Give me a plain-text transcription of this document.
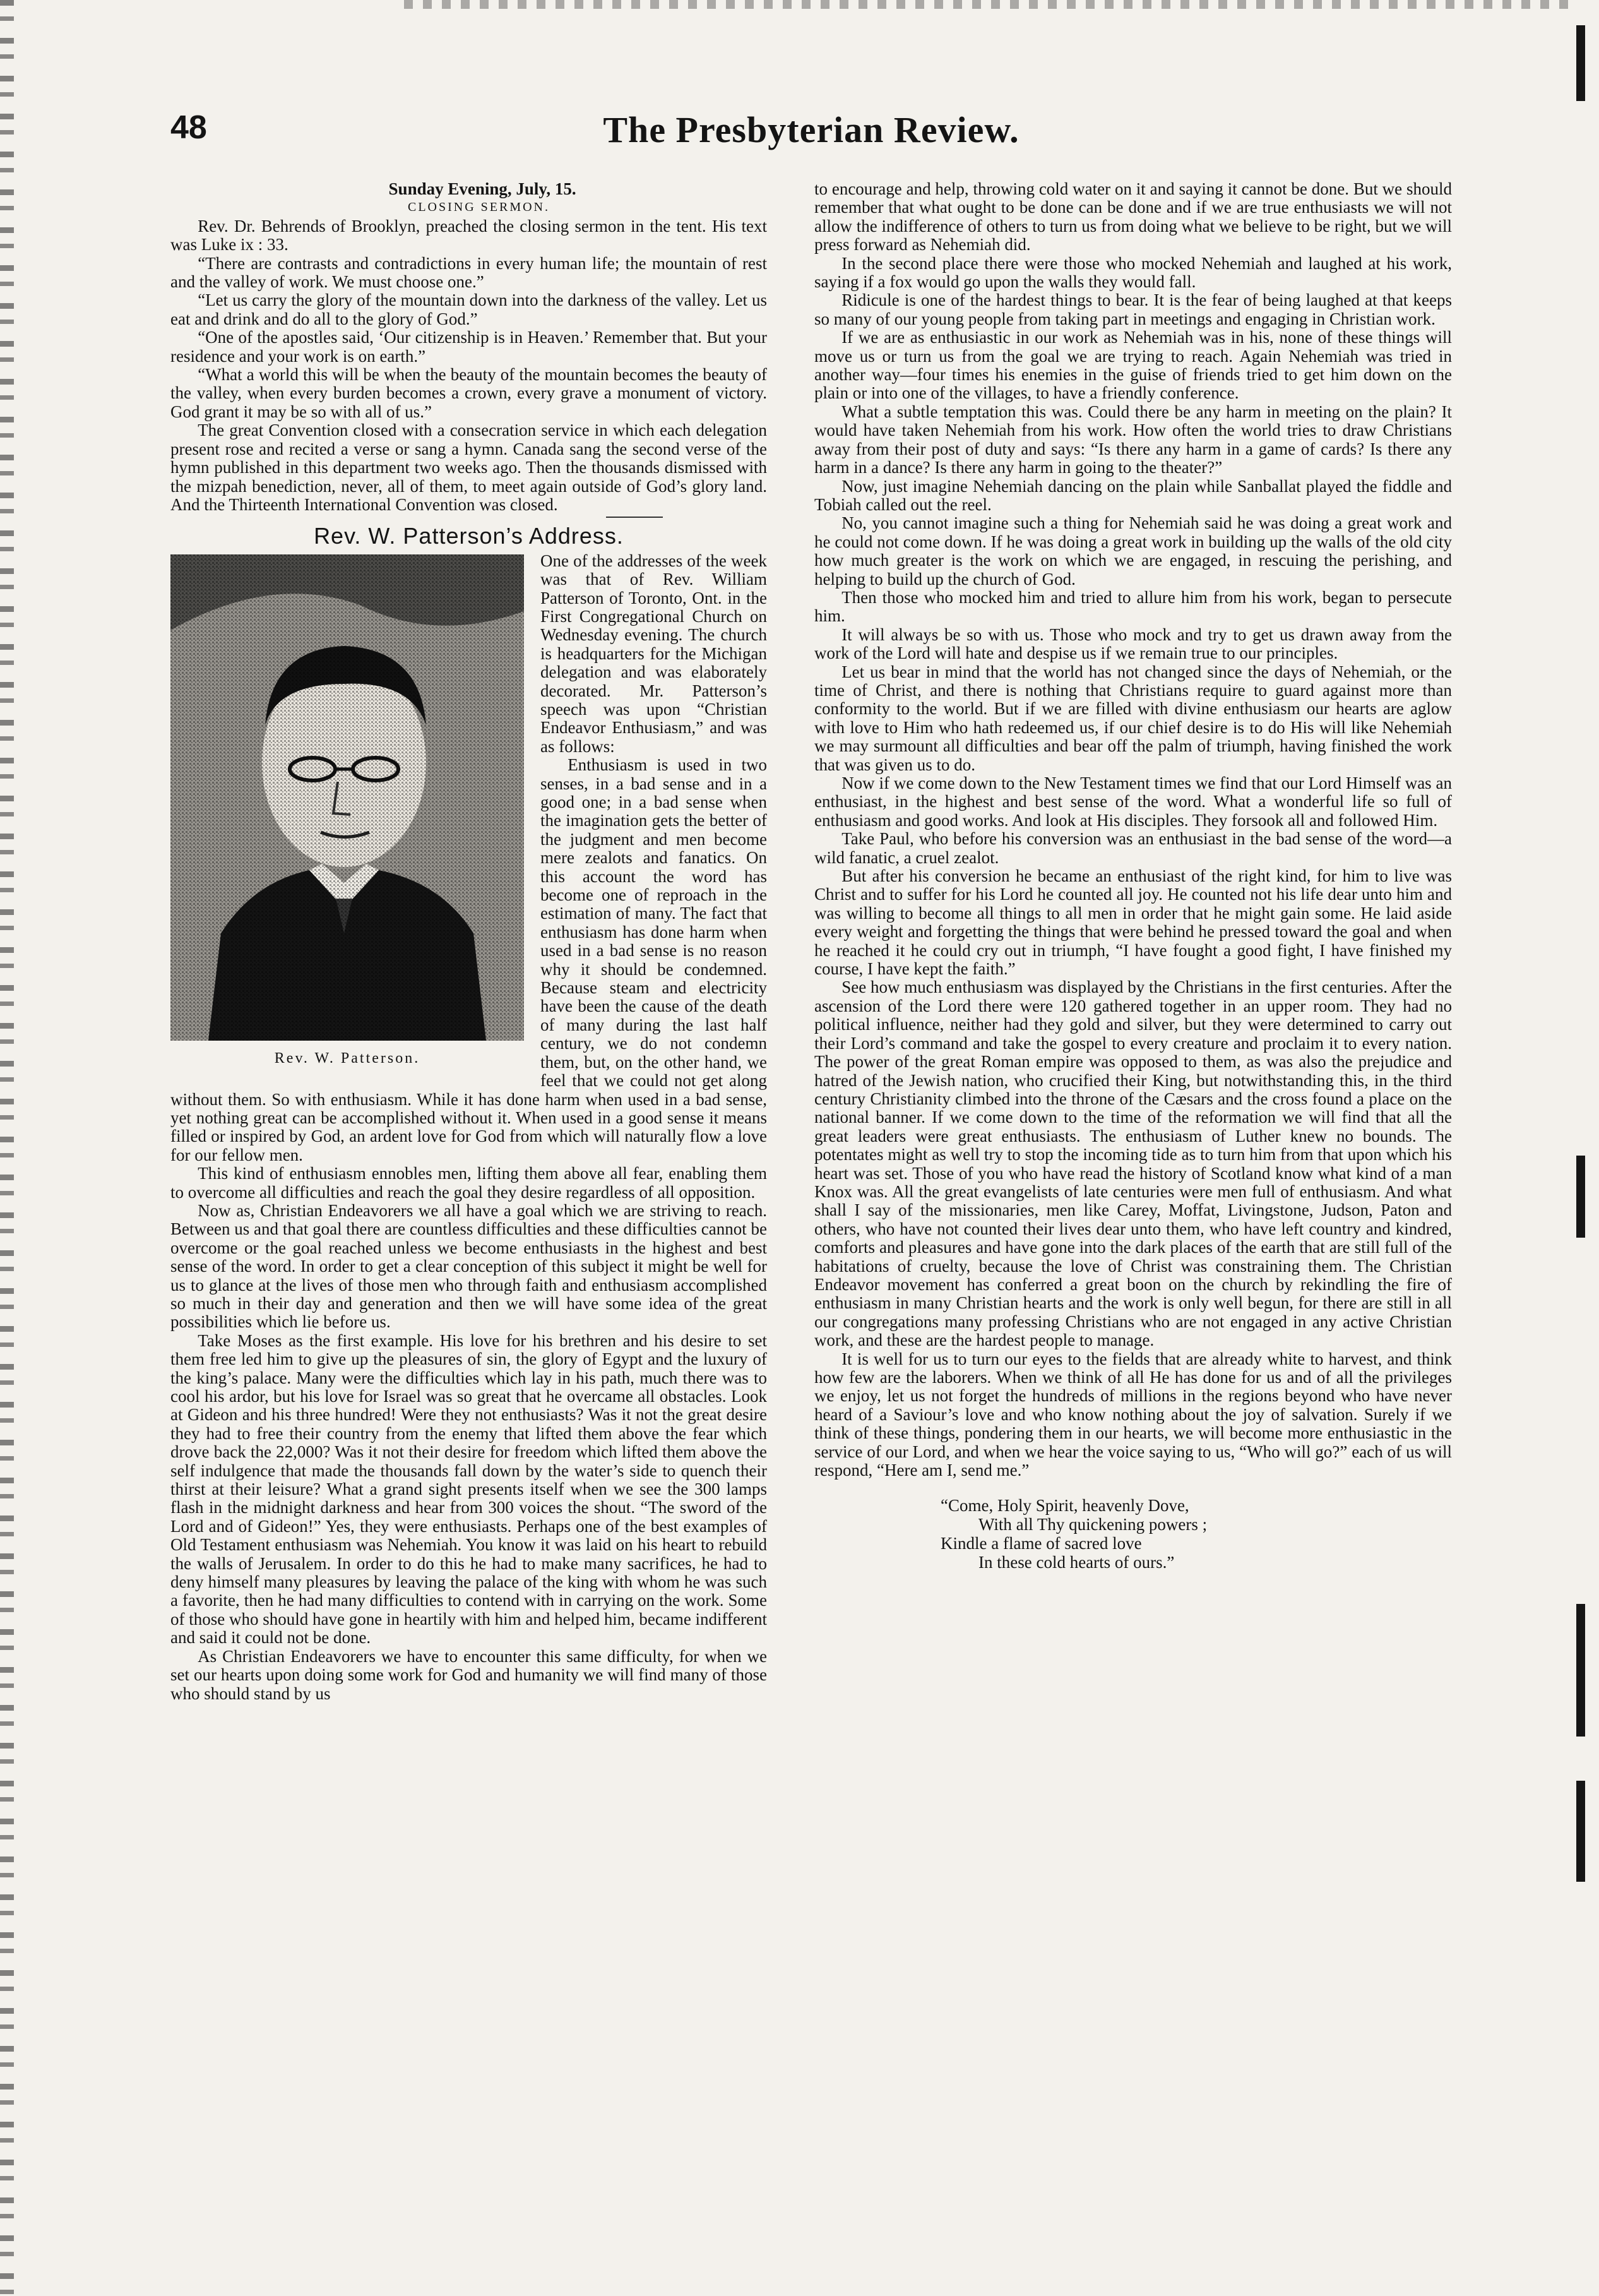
48	The Presbyterian Review.

Sunday Evening, July, 15.

CLOSING SERMON.

Rev. Dr. Behrends of Brooklyn, preached the closing sermon in the tent. His text was Luke ix : 33.

“There are contrasts and contradictions in every human life; the mountain of rest and the valley of work. We must choose one.”

“Let us carry the glory of the mountain down into the darkness of the valley. Let us eat and drink and do all to the glory of God.”

“One of the apostles said, ‘Our citizenship is in Heaven.’ Remember that. But your residence and your work is on earth.”

“What a world this will be when the beauty of the mountain becomes the beauty of the valley, when every burden becomes a crown, every grave a monument of victory. God grant it may be so with all of us.”

The great Convention closed with a consecration service in which each delegation present rose and recited a verse or sang a hymn. Canada sang the second verse of the hymn published in this department two weeks ago. Then the thousands dismissed with the mizpah benediction, never, all of them, to meet again outside of God’s glory land. And the Thirteenth International Convention was closed.

Rev. W. Patterson’s Address.
Rev. W. Patterson.

One of the addresses of the week was that of Rev. William Patterson of Toronto, Ont. in the First Congregational Church on Wednesday evening. The church is headquarters for the Michigan delegation and was elaborately decorated. Mr. Patterson’s speech was upon “Christian Endeavor Enthusiasm,” and was as follows:

Enthusiasm is used in two senses, in a bad sense and in a good one; in a bad sense when the imagination gets the better of the judgment and men become mere zealots and fanatics. On this account the word has become one of reproach in the estimation of many. The fact that enthusiasm has done harm when used in a bad sense is no reason why it should be condemned. Because steam and electricity have been the cause of the death of many during the last half century, we do not condemn them, but, on the other hand, we feel that we could not get along without them. So with enthusiasm. While it has done harm when used in a bad sense, yet nothing great can be accomplished without it. When used in a good sense it means filled or inspired by God, an ardent love for God from which will naturally flow a love for our fellow men.

This kind of enthusiasm ennobles men, lifting them above all fear, enabling them to overcome all difficulties and reach the goal they desire regardless of all opposition.

Now as, Christian Endeavorers we all have a goal which we are striving to reach. Between us and that goal there are countless difficulties and these difficulties cannot be overcome or the goal reached unless we become enthusiasts in the highest and best sense of the word. In order to get a clear conception of this subject it might be well for us to glance at the lives of those men who through faith and enthusiasm accomplished so much in their day and generation and then we will have some idea of the great possibilities which lie before us.

Take Moses as the first example. His love for his brethren and his desire to set them free led him to give up the pleasures of sin, the glory of Egypt and the luxury of the king’s palace. Many were the difficulties which lay in his path, much there was to cool his ardor, but his love for Israel was so great that he overcame all obstacles. Look at Gideon and his three hundred! Were they not enthusiasts? Was it not the great desire they had to free their country from the enemy that lifted them above the fear which drove back the 22,000? Was it not their desire for freedom which lifted them above the self indulgence that made the thousands fall down by the water’s side to quench their thirst at their leisure? What a grand sight presents itself when we see the 300 lamps flash in the midnight darkness and hear from 300 voices the shout. “The sword of the Lord and of Gideon!” Yes, they were enthusiasts. Perhaps one of the best examples of Old Testament enthusiasm was Nehemiah. You know it was laid on his heart to rebuild the walls of Jerusalem. In order to do this he had to make many sacrifices, he had to deny himself many pleasures by leaving the palace of the king with whom he was such a favorite, then he had many difficulties to contend with in carrying on the work. Some of those who should have gone in heartily with him and helped him, became indifferent and said it could not be done.

As Christian Endeavorers we have to encounter this same difficulty, for when we set our hearts upon doing some work for God and humanity we will find many of those who should stand by us

to encourage and help, throwing cold water on it and saying it cannot be done. But we should remember that what ought to be done can be done and if we are true enthusiasts we will not allow the indifference of others to turn us from doing what we believe to be right, but we will press forward as Nehemiah did.

In the second place there were those who mocked Nehemiah and laughed at his work, saying if a fox would go upon the walls they would fall.

Ridicule is one of the hardest things to bear. It is the fear of being laughed at that keeps so many of our young people from taking part in meetings and engaging in Christian work.

If we are as enthusiastic in our work as Nehemiah was in his, none of these things will move us or turn us from the goal we are trying to reach. Again Nehemiah was tried in another way—four times his enemies in the guise of friends tried to get him down on the plain or into one of the villages, to have a friendly conference.

What a subtle temptation this was. Could there be any harm in meeting on the plain? It would have taken Nehemiah from his work. How often the world tries to draw Christians away from their post of duty and says: “Is there any harm in a game of cards? Is there any harm in a dance? Is there any harm in going to the theater?”

Now, just imagine Nehemiah dancing on the plain while Sanballat played the fiddle and Tobiah called out the reel.

No, you cannot imagine such a thing for Nehemiah said he was doing a great work and he could not come down. If he was doing a great work in building up the walls of the old city how much greater is the work on which we are engaged, in rescuing the perishing, and helping to build up the church of God.

Then those who mocked him and tried to allure him from his work, began to persecute him.

It will always be so with us. Those who mock and try to get us drawn away from the work of the Lord will hate and despise us if we remain true to our principles.

Let us bear in mind that the world has not changed since the days of Nehemiah, or the time of Christ, and there is nothing that Christians require to guard against more than conformity to the world. But if we are filled with divine enthusiasm our hearts are aglow with love to Him who hath redeemed us, if our chief desire is to do His will like Nehemiah we may surmount all difficulties and bear off the palm of triumph, having finished the work that was given us to do.

Now if we come down to the New Testament times we find that our Lord Himself was an enthusiast, in the highest and best sense of the word. What a wonderful life so full of enthusiasm and good works. And look at His disciples. They forsook all and followed Him.

Take Paul, who before his conversion was an enthusiast in the bad sense of the word—a wild fanatic, a cruel zealot.

But after his conversion he became an enthusiast of the right kind, for him to live was Christ and to suffer for his Lord he counted all joy. He counted not his life dear unto him and was willing to become all things to all men in order that he might gain some. He laid aside every weight and forgetting the things that were behind he pressed toward the goal and when he reached it he could cry out in triumph, “I have fought a good fight, I have finished my course, I have kept the faith.”

See how much enthusiasm was displayed by the Christians in the first centuries. After the ascension of the Lord there were 120 gathered together in an upper room. They had no political influence, neither had they gold and silver, but they were determined to carry out their Lord’s command and take the gospel to every creature and proclaim it to every nation. The power of the great Roman empire was opposed to them, as was also the prejudice and hatred of the Jewish nation, who crucified their King, but notwithstanding this, in the third century Christianity climbed into the throne of the Cæsars and the cross found a place on the national banner. If we come down to the time of the reformation we will find that all the great leaders were great enthusiasts. The enthusiasm of Luther knew no bounds. The potentates might as well try to stop the incoming tide as to turn him from that upon which his heart was set. Those of you who have read the history of Scotland know what kind of a man Knox was. All the great evangelists of late centuries were men full of enthusiasm. And what shall I say of the missionaries, men like Carey, Moffat, Livingstone, Judson, Paton and others, who have not counted their lives dear unto them, who have left country and kindred, comforts and pleasures and have gone into the dark places of the earth that are still full of the habitations of cruelty, because the love of Christ was constraining them. The Christian Endeavor movement has conferred a great boon on the church by rekindling the fire of enthusiasm in many Christian hearts and the work is only well begun, for there are still in all our congregations many professing Christians who are not engaged in any active Christian work, and these are the hardest people to manage.

It is well for us to turn our eyes to the fields that are already white to harvest, and think how few are the laborers. When we think of all He has done for us and of all the privileges we enjoy, let us not forget the hundreds of millions in the regions beyond who have never heard of a Saviour’s love and who know nothing about the joy of salvation. Surely if we think of these things, pondering them in our hearts, we will become more enthusiastic in the service of our Lord, and when we hear the voice saying to us, “Who will go?” each of us will respond, “Here am I, send me.”

“Come, Holy Spirit, heavenly Dove,
With all Thy quickening powers ;
Kindle a flame of sacred love
In these cold hearts of ours.”
